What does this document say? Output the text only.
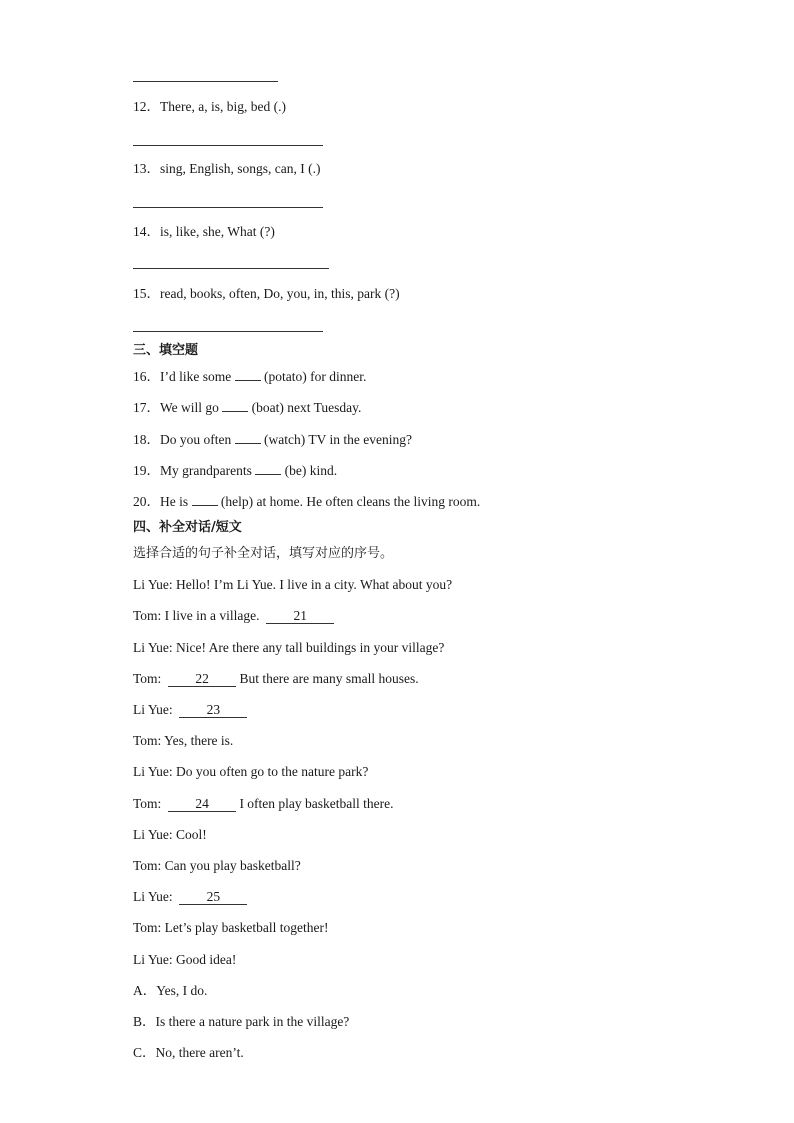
12．There, a, is, big, bed (.)
13．sing, English, songs, can, I (.)
14．is, like, she, What (?)
15．read, books, often, Do, you, in, this, park (?)
三、填空题
16．I’d like some  (potato) for dinner.
17．We will go  (boat) next Tuesday.
18．Do you often  (watch) TV in the evening?
19．My grandparents  (be) kind.
20．He is  (help) at home. He often cleans the living room.
四、补全对话/短文
选择合适的句子补全对话，填写对应的序号。
Li Yue: Hello! I’m Li Yue. I live in a city. What about you?
Tom: I live in a village.  21
Li Yue: Nice! Are there any tall buildings in your village?
Tom:  22 But there are many small houses.
Li Yue:  23
Tom: Yes, there is.
Li Yue: Do you often go to the nature park?
Tom:  24 I often play basketball there.
Li Yue: Cool!
Tom: Can you play basketball?
Li Yue:  25
Tom: Let’s play basketball together!
Li Yue: Good idea!
A．Yes, I do.
B．Is there a nature park in the village?
C．No, there aren’t.
